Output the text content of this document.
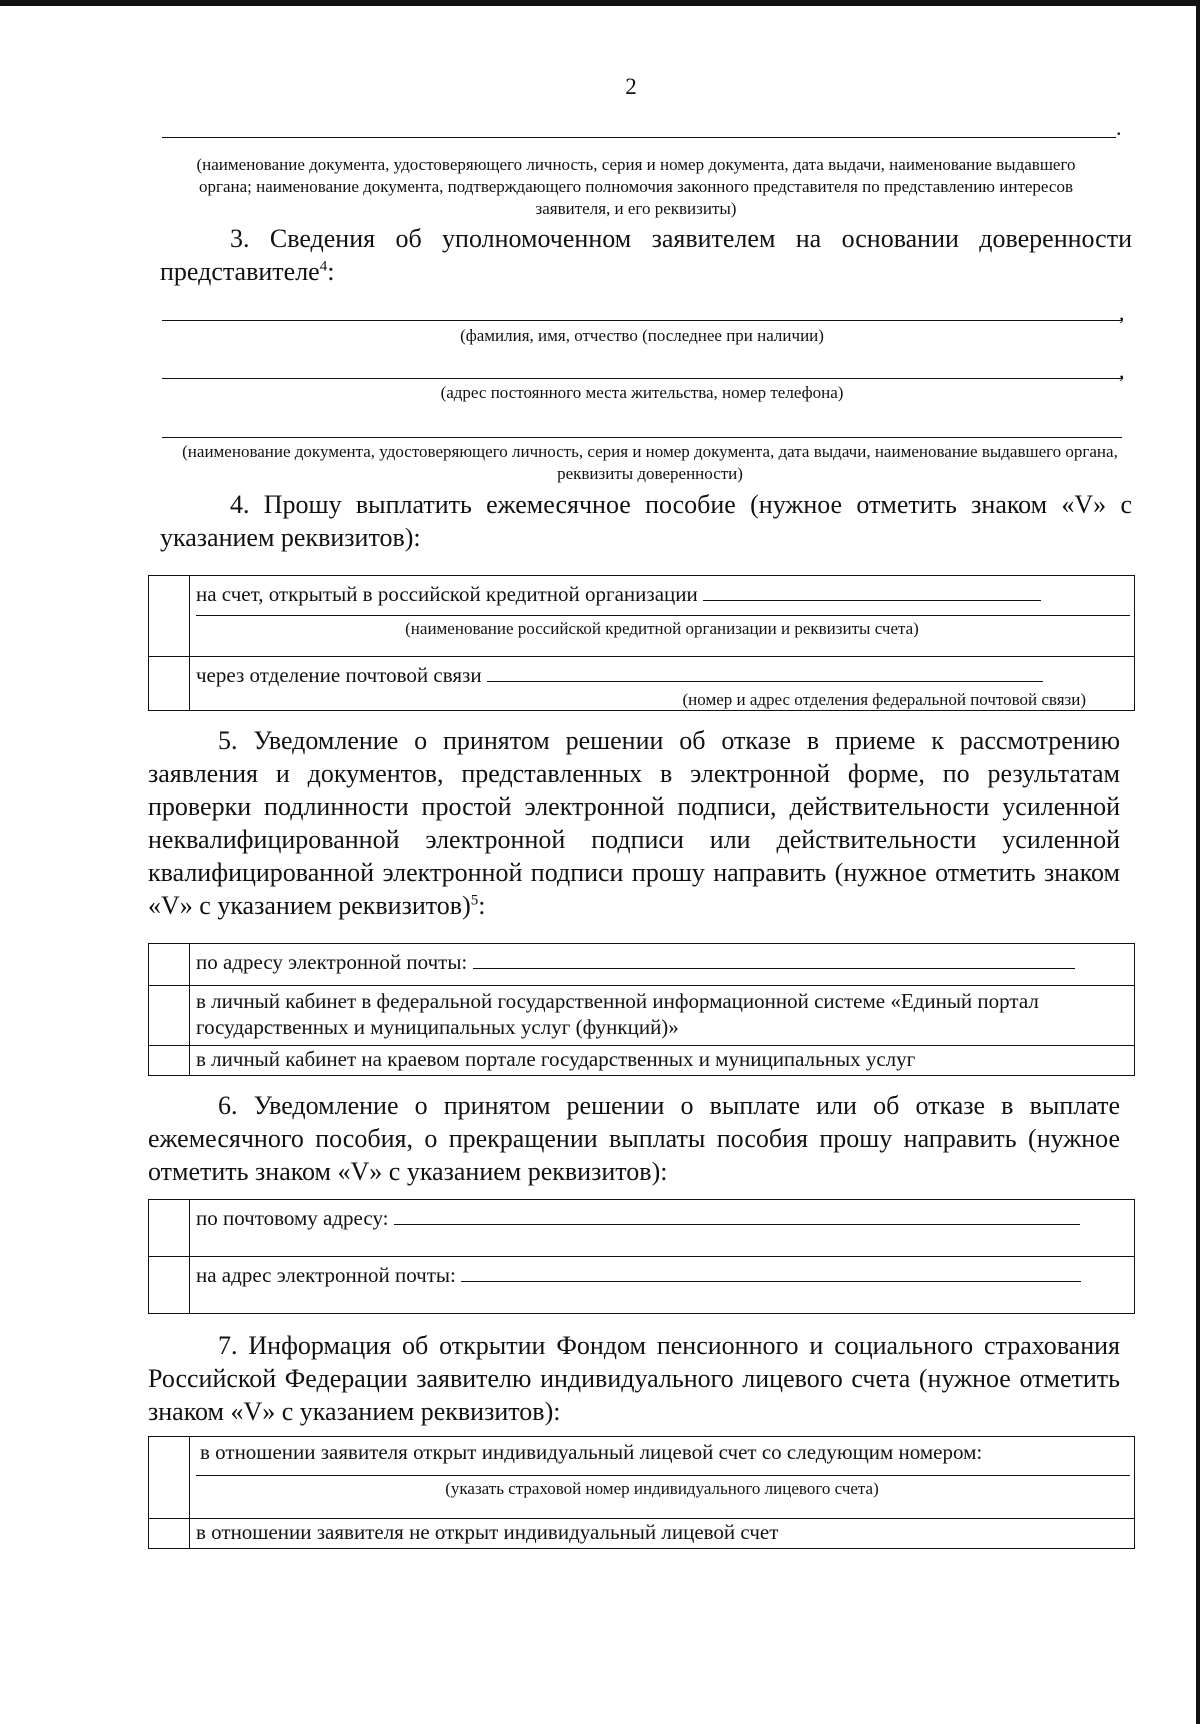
2
.
(наименование документа, удостоверяющего личность, серия и номер документа, дата выдачи, наименование выдавшего органа; наименование документа, подтверждающего полномочия законного представителя по представлению интересов заявителя, и его реквизиты)
3. Сведения об уполномоченном заявителем на основании доверенности представителе$^4$:
,
(фамилия, имя, отчество (последнее при наличии)
,
(адрес постоянного места жительства, номер телефона)
(наименование документа, удостоверяющего личность, серия и номер документа, дата выдачи, наименование выдавшего органа, реквизиты доверенности)
4. Прошу выплатить ежемесячное пособие (нужное отметить знаком «V» с указанием реквизитов):

	на счет, открытый в российской кредитной организации
(наименование российской кредитной организации и реквизиты счета)

	через отделение почтовой связи
(номер и адрес отделения федеральной почтовой связи)
5. Уведомление о принятом решении об отказе в приеме к рассмотрению заявления и документов, представленных в электронной форме, по результатам проверки подлинности простой электронной подписи, действительности усиленной неквалифицированной электронной подписи или действительности усиленной квалифицированной электронной подписи прошу направить (нужное отметить знаком «V» с указанием реквизитов)$^5$:

	по адресу электронной почты:

	в личный кабинет в федеральной государственной информационной системе «Единый портал государственных и муниципальных услуг (функций)»

	в личный кабинет на краевом портале государственных и муниципальных услуг
6. Уведомление о принятом решении о выплате или об отказе в выплате ежемесячного пособия, о прекращении выплаты пособия прошу направить (нужное отметить знаком «V» с указанием реквизитов):

	по почтовому адресу:

	на адрес электронной почты:
7. Информация об открытии Фондом пенсионного и социального страхования Российской Федерации заявителю индивидуального лицевого счета (нужное отметить знаком «V» с указанием реквизитов):

	в отношении заявителя открыт индивидуальный лицевой счет со следующим номером:
(указать страховой номер индивидуального лицевого счета)

	в отношении заявителя не открыт индивидуальный лицевой счет
